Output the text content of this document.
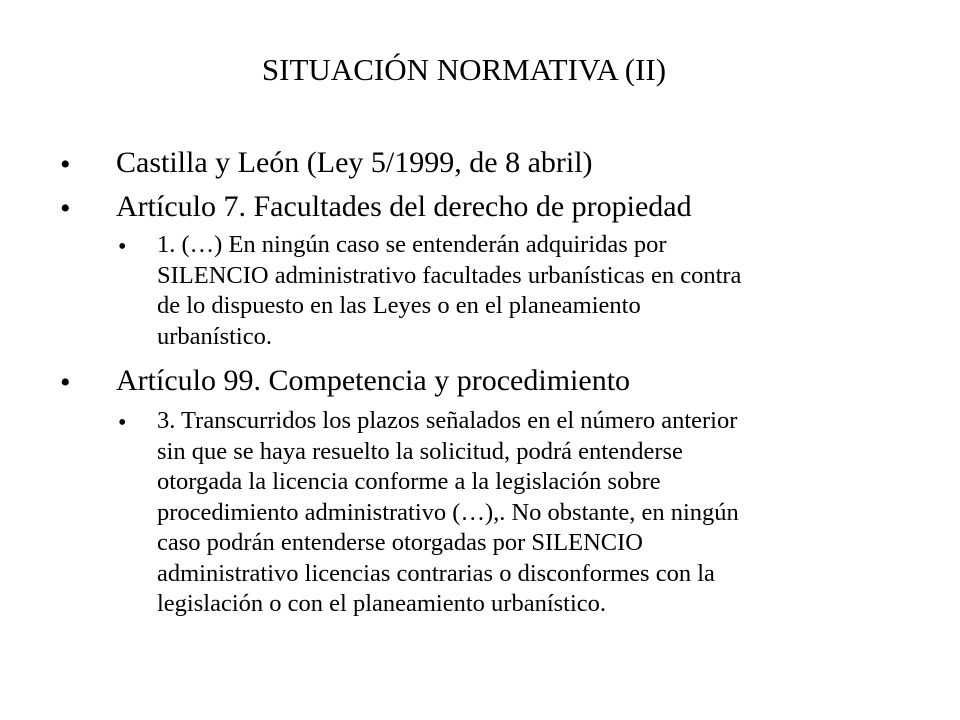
SITUACIÓN NORMATIVA (II)
• Castilla y León (Ley 5/1999, de 8 abril)
• Artículo 7. Facultades del derecho de propiedad
• 1. (…) En ningún caso se entenderán adquiridas por
SILENCIO administrativo facultades urbanísticas en contra
de lo dispuesto en las Leyes o en el planeamiento
urbanístico.
• Artículo 99. Competencia y procedimiento
• 3. Transcurridos los plazos señalados en el número anterior
sin que se haya resuelto la solicitud, podrá entenderse
otorgada la licencia conforme a la legislación sobre
procedimiento administrativo (…),. No obstante, en ningún
caso podrán entenderse otorgadas por SILENCIO
administrativo licencias contrarias o disconformes con la
legislación o con el planeamiento urbanístico.
